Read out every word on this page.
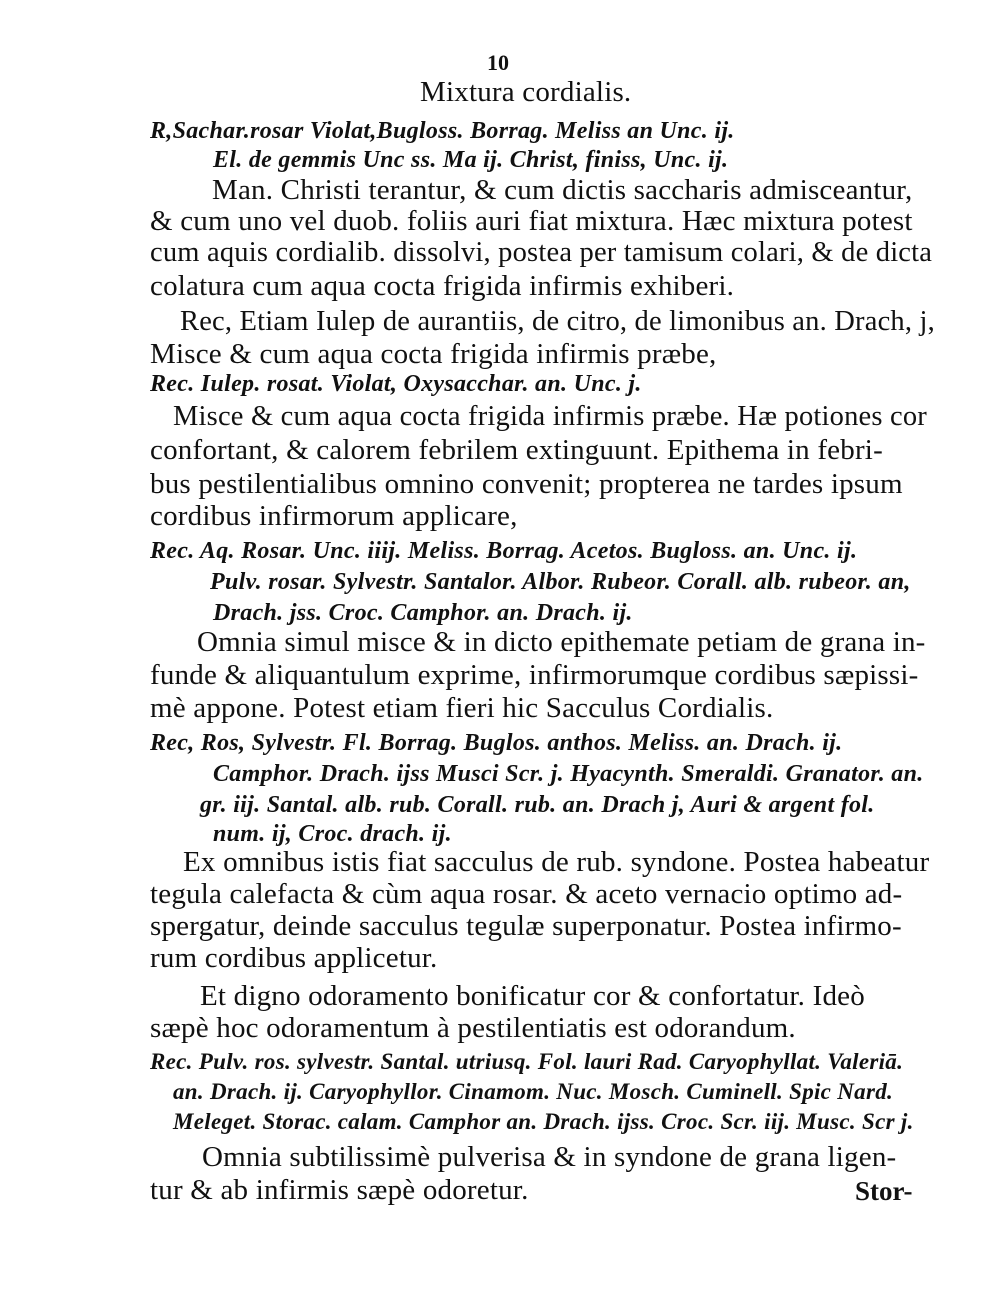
10
Mixtura cordialis.
R,Sachar.rosar Violat,Bugloss. Borrag. Meliss an Unc. ij.
El. de gemmis Unc ss. Ma ij. Christ, finiss, Unc. ij.
Man. Christi terantur, & cum dictis saccharis admisceantur,
& cum uno vel duob. foliis auri fiat mixtura. Hæc mixtura potest
cum aquis cordialib. dissolvi, postea per tamisum colari, & de dicta
colatura cum aqua cocta frigida infirmis exhiberi.
Rec, Etiam Iulep de aurantiis, de citro, de limonibus an. Drach, j,
Misce & cum aqua cocta frigida infirmis præbe,
Rec. Iulep. rosat. Violat, Oxysacchar. an. Unc. j.
Misce & cum aqua cocta frigida infirmis præbe. Hæ potiones cor
confortant, & calorem febrilem extinguunt. Epithema in febri-
bus pestilentialibus omnino convenit; propterea ne tardes ipsum
cordibus infirmorum applicare,
Rec. Aq. Rosar. Unc. iiij. Meliss. Borrag. Acetos. Bugloss. an. Unc. ij.
Pulv. rosar. Sylvestr. Santalor. Albor. Rubeor. Corall. alb. rubeor. an,
Drach. jss. Croc. Camphor. an. Drach. ij.
Omnia simul misce & in dicto epithemate petiam de grana in-
funde & aliquantulum exprime, infirmorumque cordibus sæpissi-
mè appone. Potest etiam fieri hic Sacculus Cordialis.
Rec, Ros, Sylvestr. Fl. Borrag. Buglos. anthos. Meliss. an. Drach. ij.
Camphor. Drach. ijss Musci Scr. j. Hyacynth. Smeraldi. Granator. an.
gr. iij. Santal. alb. rub. Corall. rub. an. Drach j, Auri & argent fol.
num. ij, Croc. drach. ij.
Ex omnibus istis fiat sacculus de rub. syndone. Postea habeatur
tegula calefacta & cùm aqua rosar. & aceto vernacio optimo ad-
spergatur, deinde sacculus tegulæ superponatur. Postea infirmo-
rum cordibus applicetur.
Et digno odoramento bonificatur cor & confortatur. Ideò
sæpè hoc odoramentum à pestilentiatis est odorandum.
Rec. Pulv. ros. sylvestr. Santal. utriusq. Fol. lauri Rad. Caryophyllat. Valeriā.
an. Drach. ij. Caryophyllor. Cinamom. Nuc. Mosch. Cuminell. Spic Nard.
Meleget. Storac. calam. Camphor an. Drach. ijss. Croc. Scr. iij. Musc. Scr j.
Omnia subtilissimè pulverisa & in syndone de grana ligen-
tur & ab infirmis sæpè odoretur.	Stor-
